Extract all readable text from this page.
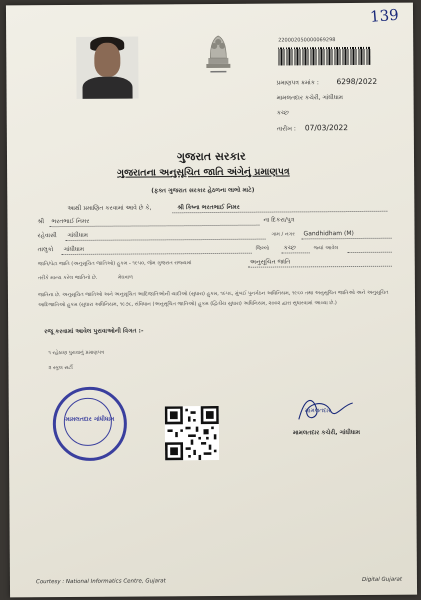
139
220002050000069298
પ્રમાણપત્ર ક્રમાંક : 6298/2022
મામલતદાર કચેરી, ગાંધીધામ
કચ્છ
તારીખ : 07/03/2022
ગુજરાત સરકાર
ગુજરાતના અનુસૂચિત જાતિ અંગેનું પ્રમાણપત્ર
(ફક્ત ગુજરાત સરકાર હેઠળના લાભો માટે)
આથી પ્રમાણિત કરવામાં આવે છે કે,	શ્રી કિષ્ના ભરતભાઈ નિમર
શ્રી ભરતભાઈ નિમર	ના દિકરા/પુત્ર
રહેવાસી ગાંધીધામ	ગામ / નગર Gandhidham (M)
તાલુકો ગાંધીધામ	જિલ્લો કચ્છ	જ્યાં આવેલ
જાતિ/પેટા જાતિ (અનુસૂચિત જાતિઓ) હુકમ - ૧૯૫૦, જેમ ગુજરાત રાજ્યમાં	અનુસૂચિત જાતિ
તરીકે માન્ય કરેલ જાતિનો છે.	મેઘવાળ
જાતિના છે. અનુસૂચિત જાતિઓ અને અનુસૂચિત આદિજાતિઓની યાદીઓ (સુધારા) હુકમ, ૧૯૫૬, મુંબઈ પુનર્ગઠન અધિનિયમ, ૧૯૬૦ તથા અનુસૂચિત જાતિઓ અને અનુસૂચિત આદિજાતિઓ હુકમ (સુધારા અધિનિયમ, ૧૯૭૬, સંવિધાન (અનુસૂચિત જાતિઓ) હુકમ (દ્વિતીય સુધારા) અધિનિયમ, ૨૦૦૨ દ્વારા સુધારવામાં આવ્યા છે.)
રજૂ કરવામાં આવેલ પુરાવાઓની વિગત :-
૧ રહેઠાણ પુરાવાનું પ્રમાણપત્ર
૨ સ્કૂલ સર્ટી
મામલતદાર ગાંધીધામ
મામલતદાર
મામલતદાર કચેરી, ગાંધીધામ
Courtesy : National Informatics Centre, Gujarat	Digital Gujarat
